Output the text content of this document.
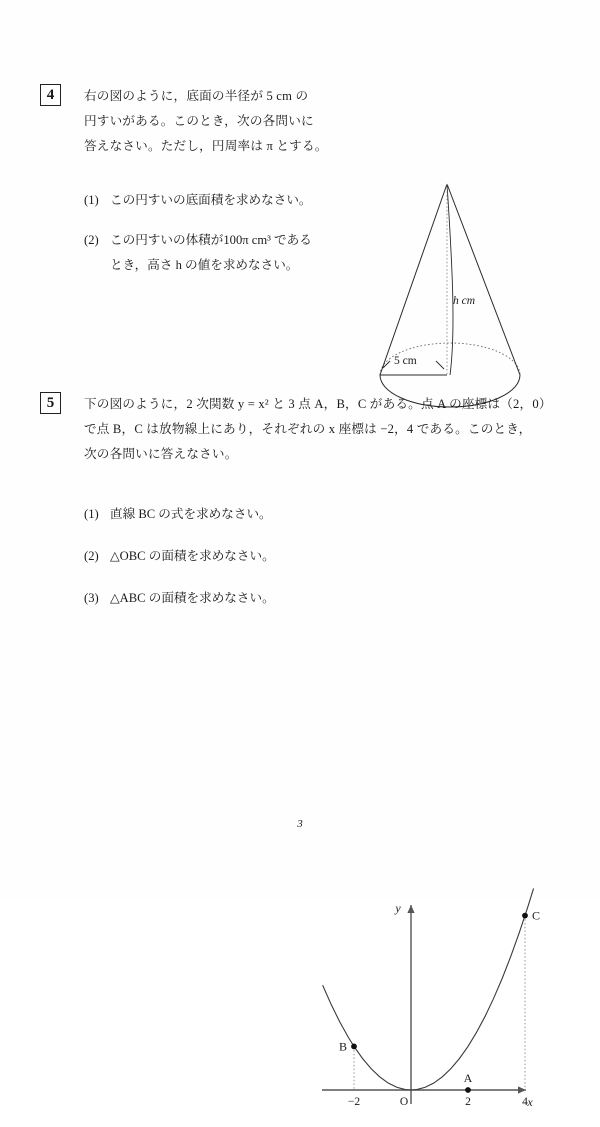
4	右の図のように，底面の半径が 5 cm の
円すいがある。このとき，次の各問いに
答えなさい。ただし，円周率は π とする。
(1) この円すいの底面積を求めなさい。
(2) この円すいの体積が100π cm³ であるとき，高さ h の値を求めなさい。
5 cm
h cm
5	下の図のように，2 次関数 y = x² と 3 点 A，B，C がある。点 A の座標は（2，0）
で点 B，C は放物線上にあり，それぞれの x 座標は −2，4 である。このとき，
次の各問いに答えなさい。
(1) 直線 BC の式を求めなさい。
(2) △OBC の面積を求めなさい。
(3) △ABC の面積を求めなさい。
y
x
O
−2	2	4
A
B
C
3
